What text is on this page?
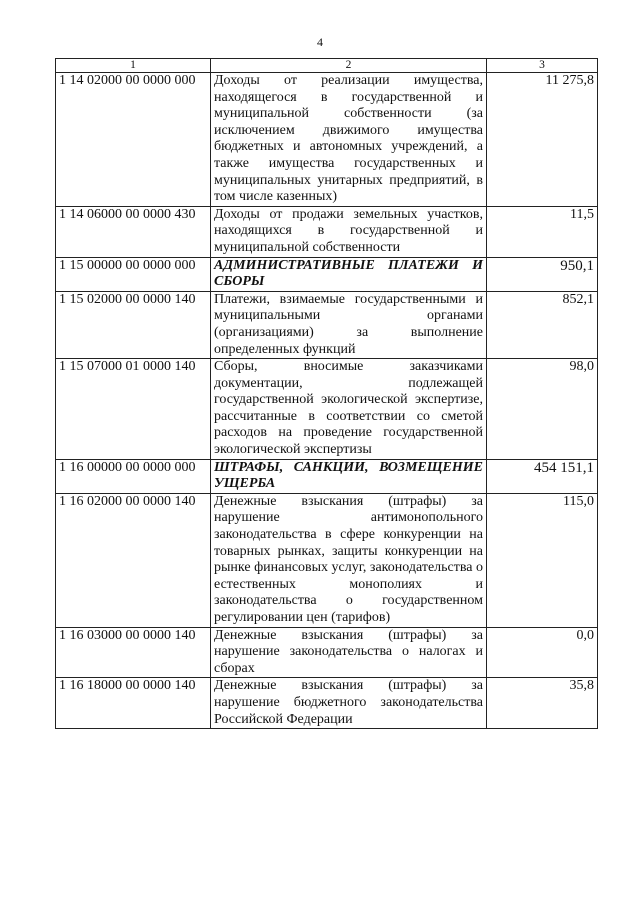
4
1	2	3
1 14 02000 00 0000 000	Доходы от реализации имущества, находящегося в государственной и муниципальной собственности (за исключением движимого имущества бюджетных и автономных учреждений, а также имущества государственных и муниципальных унитарных предприятий, в том числе казенных)	11 275,8
1 14 06000 00 0000 430	Доходы от продажи земельных участков, находящихся в государственной и муниципальной собственности	11,5
1 15 00000 00 0000 000	АДМИНИСТРАТИВНЫЕ ПЛАТЕЖИ И СБОРЫ	950,1
1 15 02000 00 0000 140	Платежи, взимаемые государственными и муниципальными органами (организациями) за выполнение определенных функций	852,1
1 15 07000 01 0000 140	Сборы, вносимые заказчиками документации, подлежащей государственной экологической экспертизе, рассчитанные в соответствии со сметой расходов на проведение государственной экологической экспертизы	98,0
1 16 00000 00 0000 000	ШТРАФЫ, САНКЦИИ, ВОЗМЕЩЕНИЕ УЩЕРБА	454 151,1
1 16 02000 00 0000 140	Денежные взыскания (штрафы) за нарушение антимонопольного законодательства в сфере конкуренции на товарных рынках, защиты конкуренции на рынке финансовых услуг, законодательства о естественных монополиях и законодательства о государственном регулировании цен (тарифов)	115,0
1 16 03000 00 0000 140	Денежные взыскания (штрафы) за нарушение законодательства о налогах и сборах	0,0
1 16 18000 00 0000 140	Денежные взыскания (штрафы) за нарушение бюджетного законодательства Российской Федерации	35,8
